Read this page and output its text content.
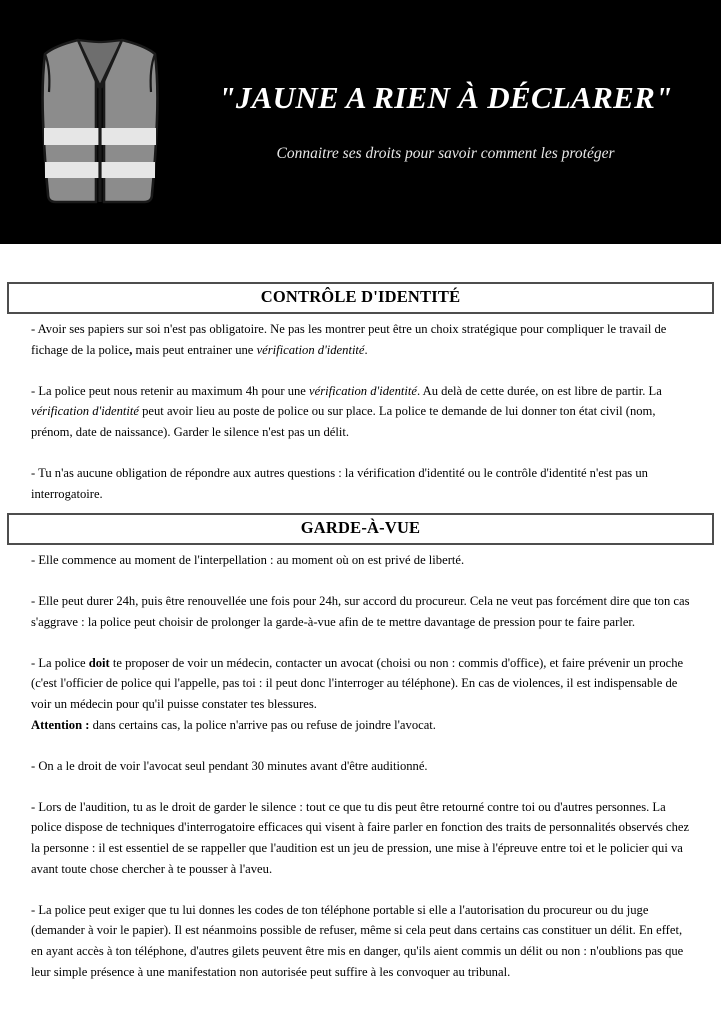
"JAUNE A RIEN À DÉCLARER"

Connaitre ses droits pour savoir comment les protéger

CONTRÔLE D'IDENTITÉ

- Avoir ses papiers sur soi n'est pas obligatoire. Ne pas les montrer peut être un choix stratégique pour compliquer le travail de fichage de la police, mais peut entrainer une vérification d'identité.

- La police peut nous retenir au maximum 4h pour une vérification d'identité. Au delà de cette durée, on est libre de partir. La vérification d'identité peut avoir lieu au poste de police ou sur place. La police te demande de lui donner ton état civil (nom, prénom, date de naissance). Garder le silence n'est pas un délit.

- Tu n'as aucune obligation de répondre aux autres questions : la vérification d'identité ou le contrôle d'identité n'est pas un interrogatoire.

GARDE-À-VUE

- Elle commence au moment de l'interpellation : au moment où on est privé de liberté.

- Elle peut durer 24h, puis être renouvellée une fois pour 24h, sur accord du procureur. Cela ne veut pas forcément dire que ton cas s'aggrave : la police peut choisir de prolonger la garde-à-vue afin de te mettre davantage de pression pour te faire parler.

- La police doit te proposer de voir un médecin, contacter un avocat (choisi ou non : commis d'office), et faire prévenir un proche (c'est l'officier de police qui l'appelle, pas toi : il peut donc l'interroger au téléphone). En cas de violences, il est indispensable de voir un médecin pour qu'il puisse constater tes blessures.

Attention : dans certains cas, la police n'arrive pas ou refuse de joindre l'avocat.

- On a le droit de voir l'avocat seul pendant 30 minutes avant d'être auditionné.

- Lors de l'audition, tu as le droit de garder le silence : tout ce que tu dis peut être retourné contre toi ou d'autres personnes. La police dispose de techniques d'interrogatoire efficaces qui visent à faire parler en fonction des traits de personnalités observés chez la personne : il est essentiel de se rappeller que l'audition est un jeu de pression, une mise à l'épreuve entre toi et le policier qui va avant toute chose chercher à te pousser à l'aveu.

- La police peut exiger que tu lui donnes les codes de ton téléphone portable si elle a l'autorisation du procureur ou du juge (demander à voir le papier). Il est néanmoins possible de refuser, même si cela peut dans certains cas constituer un délit. En effet, en ayant accès à ton téléphone, d'autres gilets peuvent être mis en danger, qu'ils aient commis un délit ou non : n'oublions pas que leur simple présence à une manifestation non autorisée peut suffire à les convoquer au tribunal.
